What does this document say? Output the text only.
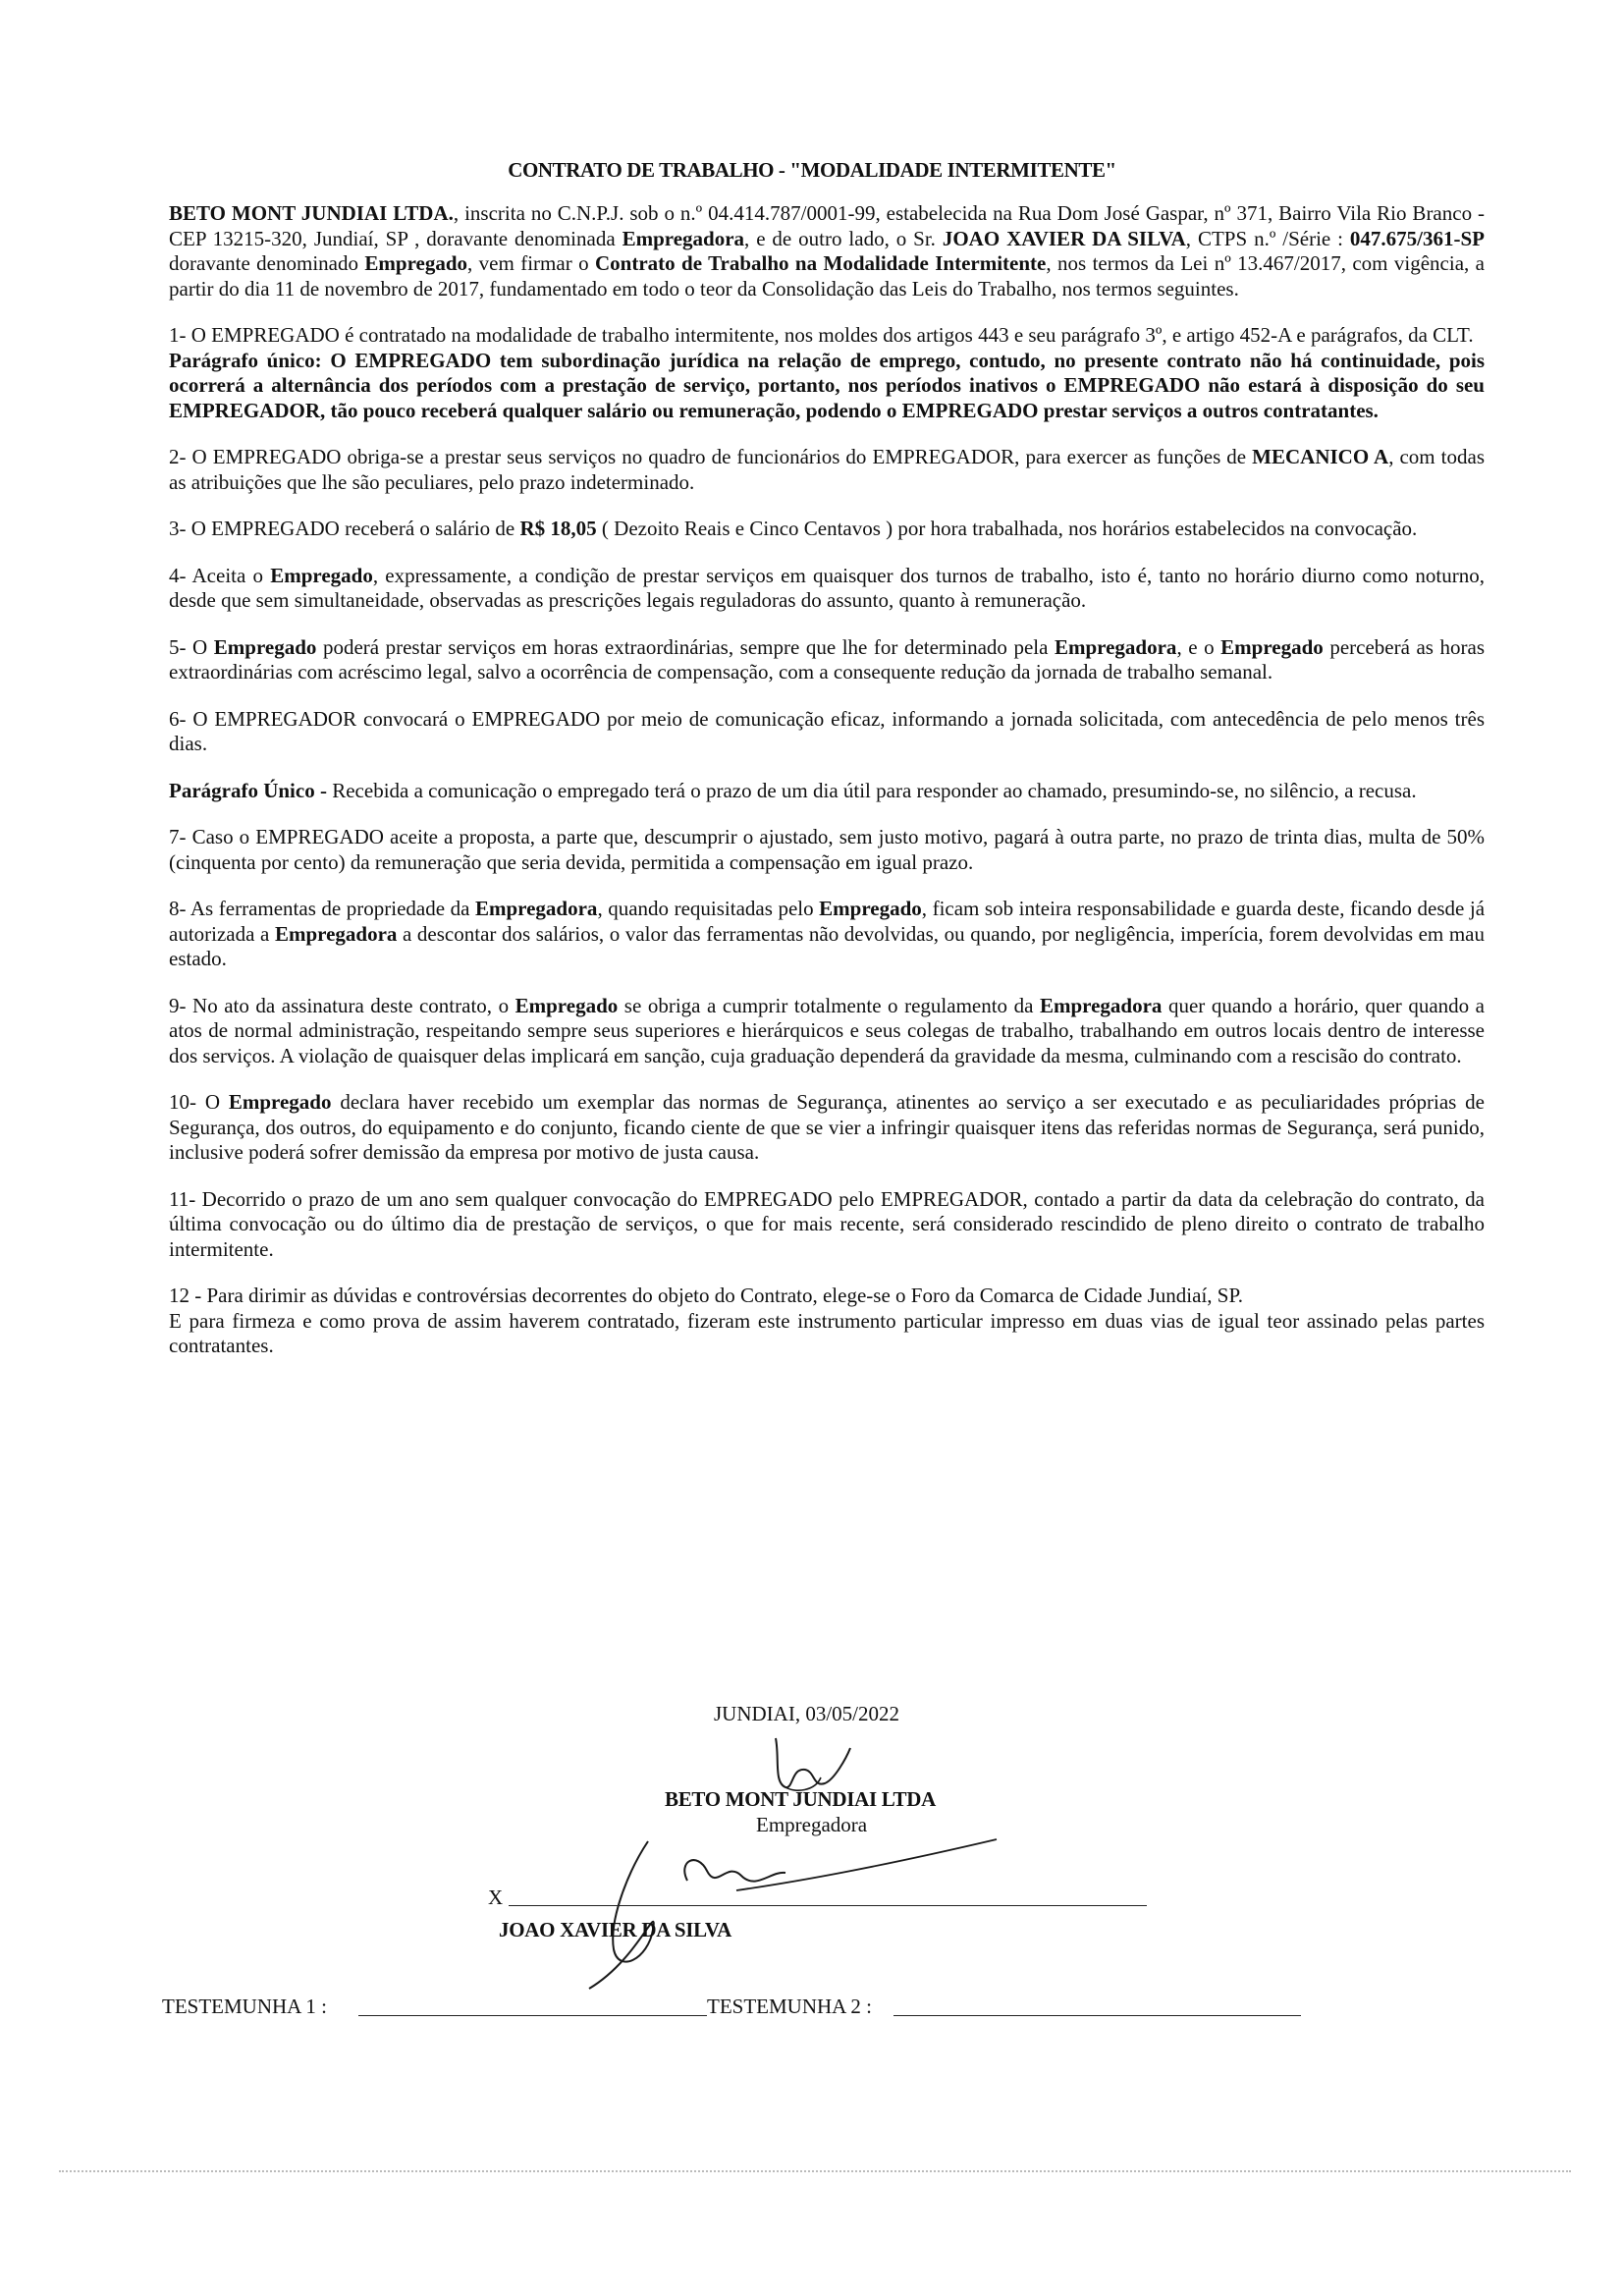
CONTRATO DE TRABALHO - "MODALIDADE INTERMITENTE"

BETO MONT JUNDIAI LTDA., inscrita no C.N.P.J. sob o n.º 04.414.787/0001-99, estabelecida na Rua Dom José Gaspar, nº 371, Bairro Vila Rio Branco - CEP 13215-320, Jundiaí, SP , doravante denominada Empregadora, e de outro lado, o Sr. JOAO XAVIER DA SILVA, CTPS n.º /Série : 047.675/361-SP doravante denominado Empregado, vem firmar o Contrato de Trabalho na Modalidade Intermitente, nos termos da Lei nº 13.467/2017, com vigência, a partir do dia 11 de novembro de 2017, fundamentado em todo o teor da Consolidação das Leis do Trabalho, nos termos seguintes.

1- O EMPREGADO é contratado na modalidade de trabalho intermitente, nos moldes dos artigos 443 e seu parágrafo 3º, e artigo 452-A e parágrafos, da CLT.

Parágrafo único: O EMPREGADO tem subordinação jurídica na relação de emprego, contudo, no presente contrato não há continuidade, pois ocorrerá a alternância dos períodos com a prestação de serviço, portanto, nos períodos inativos o EMPREGADO não estará à disposição do seu EMPREGADOR, tão pouco receberá qualquer salário ou remuneração, podendo o EMPREGADO prestar serviços a outros contratantes.

2- O EMPREGADO obriga-se a prestar seus serviços no quadro de funcionários do EMPREGADOR, para exercer as funções de MECANICO A, com todas as atribuições que lhe são peculiares, pelo prazo indeterminado.

3- O EMPREGADO receberá o salário de R$ 18,05 ( Dezoito Reais e Cinco Centavos ) por hora trabalhada, nos horários estabelecidos na convocação.

4- Aceita o Empregado, expressamente, a condição de prestar serviços em quaisquer dos turnos de trabalho, isto é, tanto no horário diurno como noturno, desde que sem simultaneidade, observadas as prescrições legais reguladoras do assunto, quanto à remuneração.

5- O Empregado poderá prestar serviços em horas extraordinárias, sempre que lhe for determinado pela Empregadora, e o Empregado perceberá as horas extraordinárias com acréscimo legal, salvo a ocorrência de compensação, com a consequente redução da jornada de trabalho semanal.

6- O EMPREGADOR convocará o EMPREGADO por meio de comunicação eficaz, informando a jornada solicitada, com antecedência de pelo menos três dias.

Parágrafo Único - Recebida a comunicação o empregado terá o prazo de um dia útil para responder ao chamado, presumindo-se, no silêncio, a recusa.

7- Caso o EMPREGADO aceite a proposta, a parte que, descumprir o ajustado, sem justo motivo, pagará à outra parte, no prazo de trinta dias, multa de 50% (cinquenta por cento) da remuneração que seria devida, permitida a compensação em igual prazo.

8- As ferramentas de propriedade da Empregadora, quando requisitadas pelo Empregado, ficam sob inteira responsabilidade e guarda deste, ficando desde já autorizada a Empregadora a descontar dos salários, o valor das ferramentas não devolvidas, ou quando, por negligência, imperícia, forem devolvidas em mau estado.

9- No ato da assinatura deste contrato, o Empregado se obriga a cumprir totalmente o regulamento da Empregadora quer quando a horário, quer quando a atos de normal administração, respeitando sempre seus superiores e hierárquicos e seus colegas de trabalho, trabalhando em outros locais dentro de interesse dos serviços. A violação de quaisquer delas implicará em sanção, cuja graduação dependerá da gravidade da mesma, culminando com a rescisão do contrato.

10- O Empregado declara haver recebido um exemplar das normas de Segurança, atinentes ao serviço a ser executado e as peculiaridades próprias de Segurança, dos outros, do equipamento e do conjunto, ficando ciente de que se vier a infringir quaisquer itens das referidas normas de Segurança, será punido, inclusive poderá sofrer demissão da empresa por motivo de justa causa.

11- Decorrido o prazo de um ano sem qualquer convocação do EMPREGADO pelo EMPREGADOR, contado a partir da data da celebração do contrato, da última convocação ou do último dia de prestação de serviços, o que for mais recente, será considerado rescindido de pleno direito o contrato de trabalho intermitente.

12 - Para dirimir as dúvidas e controvérsias decorrentes do objeto do Contrato, elege-se o Foro da Comarca de Cidade Jundiaí, SP.

E para firmeza e como prova de assim haverem contratado, fizeram este instrumento particular impresso em duas vias de igual teor assinado pelas partes contratantes.

JUNDIAI, 03/05/2022
BETO MONT JUNDIAI LTDA
Empregadora
X
JOAO XAVIER DA SILVA
TESTEMUNHA 1 :	TESTEMUNHA 2 :
